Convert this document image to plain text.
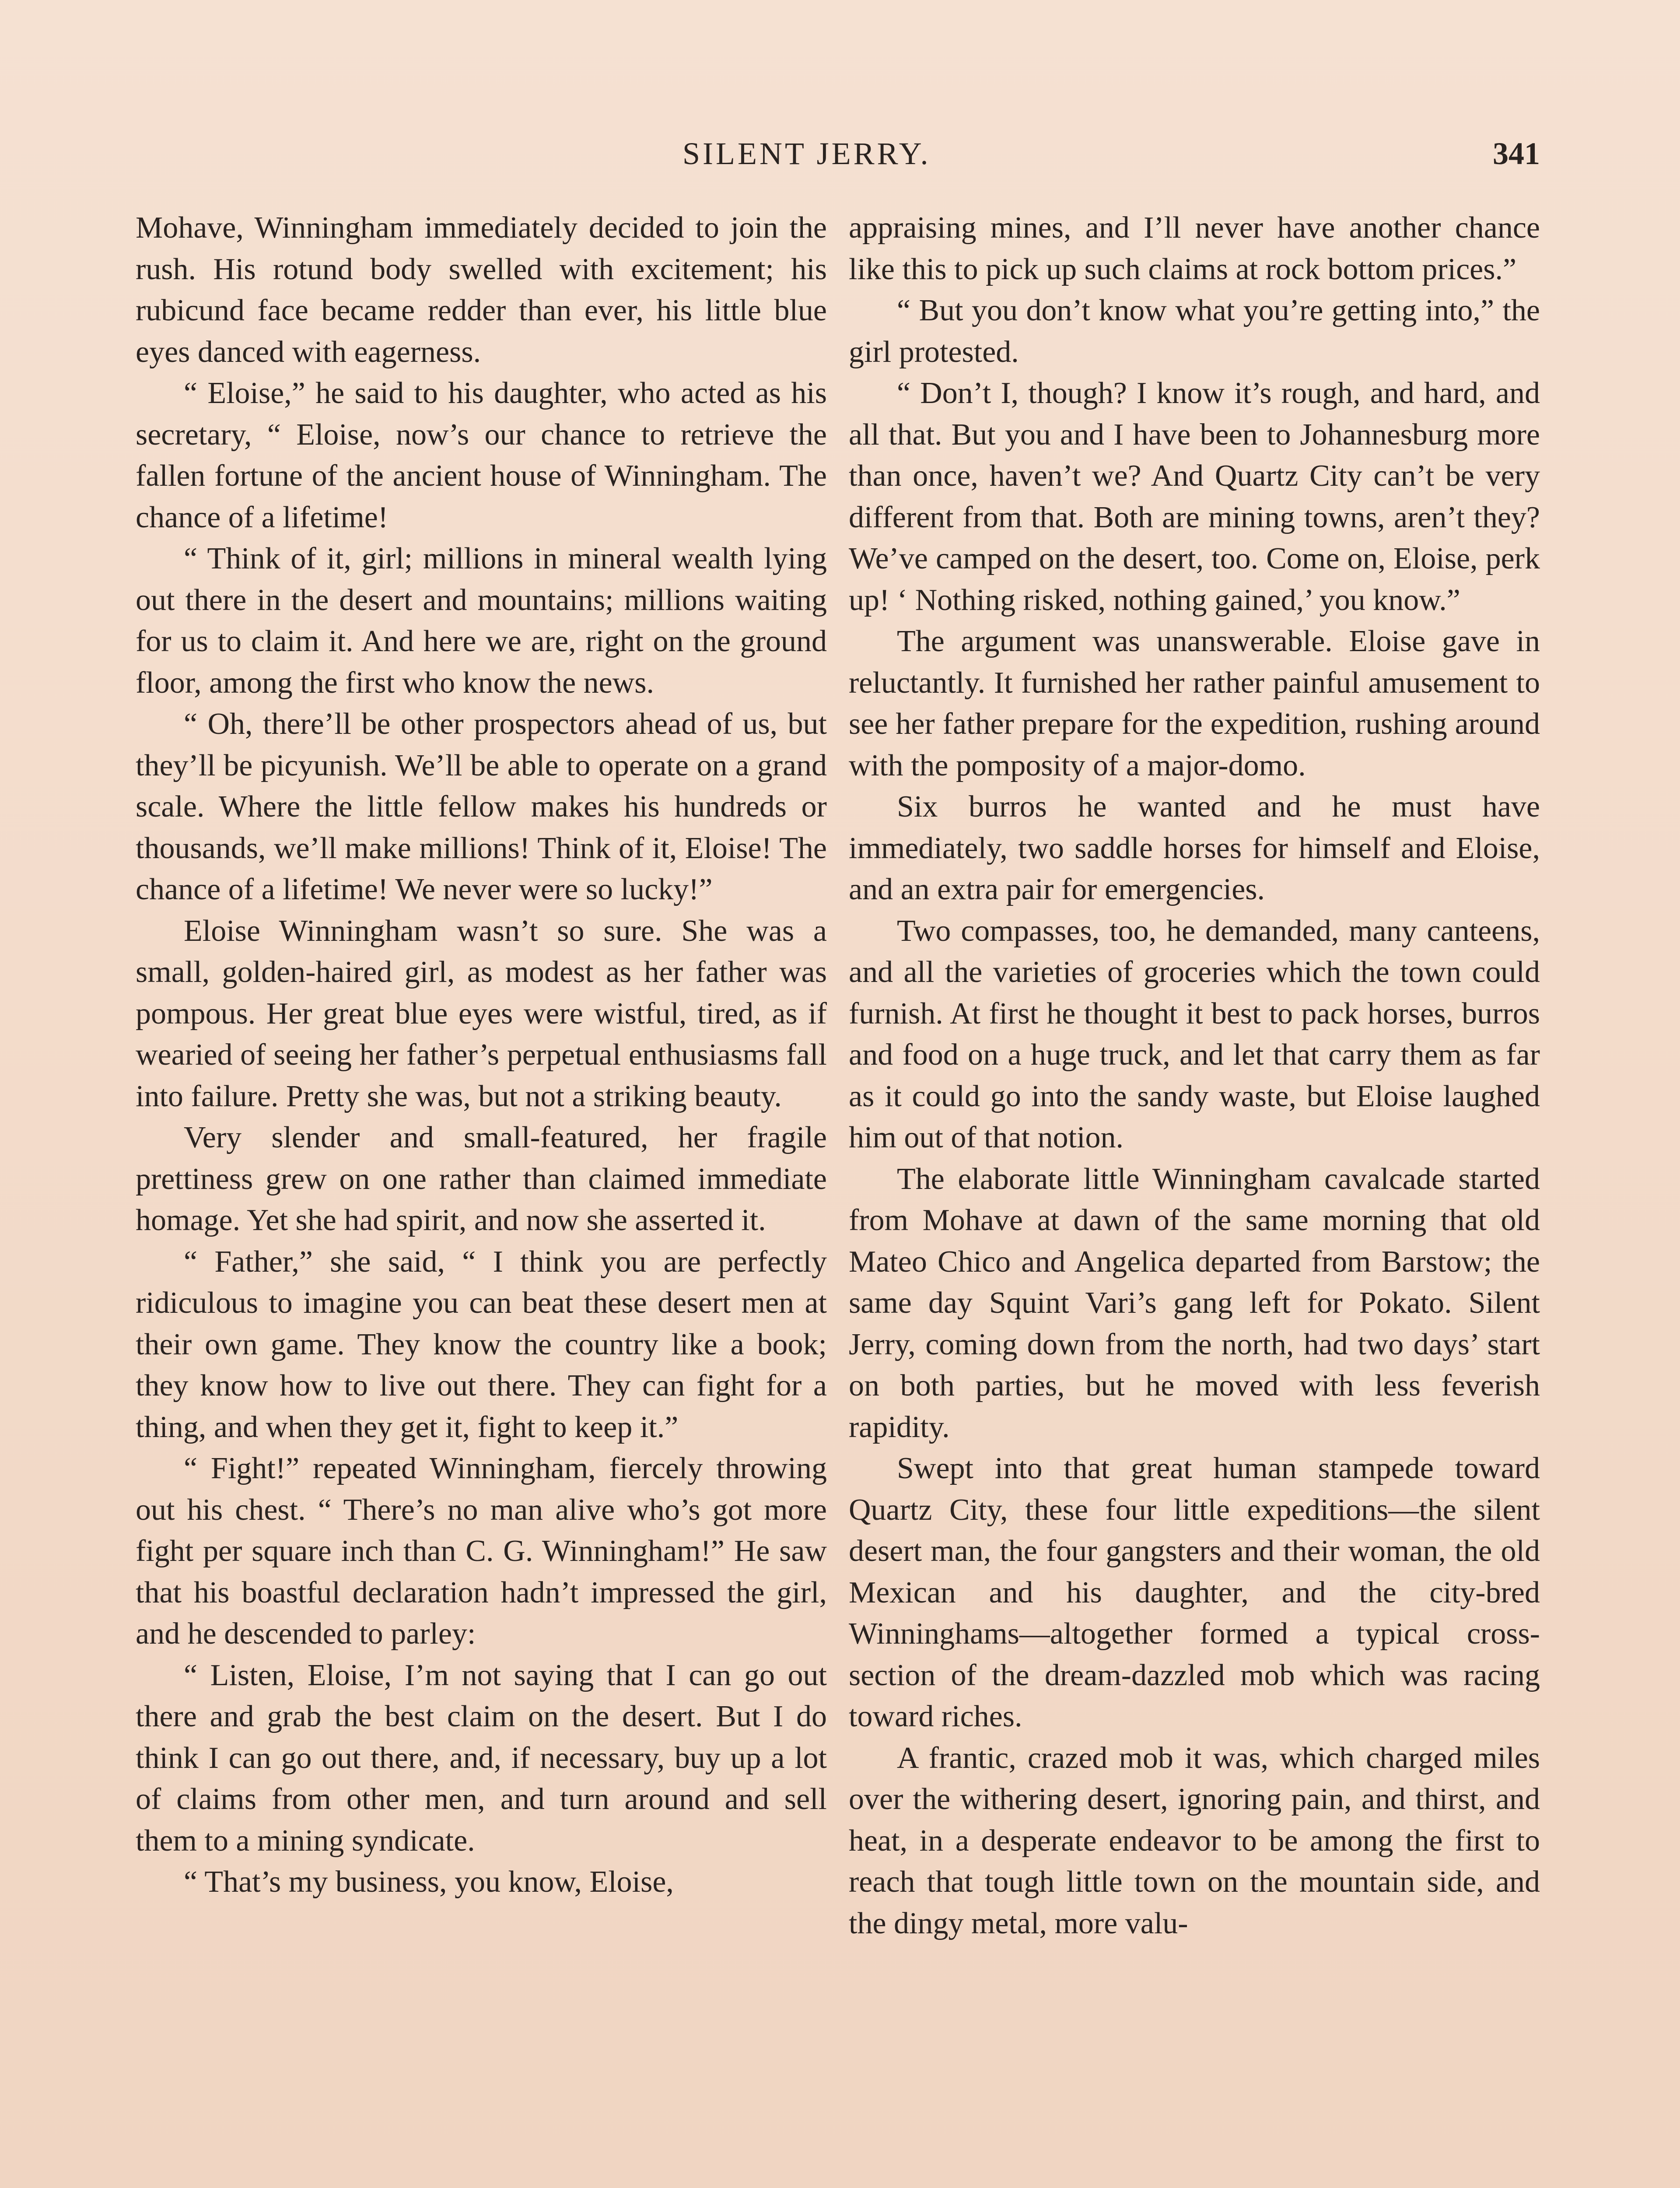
SILENT JERRY.	341

Mohave, Winningham immediately decided to join the rush. His rotund body swelled with excitement; his rubicund face became redder than ever, his little blue eyes danced with eagerness.

“ Eloise,” he said to his daughter, who acted as his secretary, “ Eloise, now’s our chance to retrieve the fallen fortune of the ancient house of Winningham. The chance of a lifetime!

“ Think of it, girl; millions in mineral wealth lying out there in the desert and mountains; millions waiting for us to claim it. And here we are, right on the ground floor, among the first who know the news.

“ Oh, there’ll be other prospectors ahead of us, but they’ll be picyunish. We’ll be able to operate on a grand scale. Where the little fellow makes his hundreds or thousands, we’ll make millions! Think of it, Eloise! The chance of a lifetime! We never were so lucky!”

Eloise Winningham wasn’t so sure. She was a small, golden-haired girl, as modest as her father was pompous. Her great blue eyes were wistful, tired, as if wearied of seeing her father’s perpetual enthusiasms fall into failure. Pretty she was, but not a striking beauty.

Very slender and small-featured, her fragile prettiness grew on one rather than claimed immediate homage. Yet she had spirit, and now she asserted it.

“ Father,” she said, “ I think you are perfectly ridiculous to imagine you can beat these desert men at their own game. They know the country like a book; they know how to live out there. They can fight for a thing, and when they get it, fight to keep it.”

“ Fight!” repeated Winningham, fiercely throwing out his chest. “ There’s no man alive who’s got more fight per square inch than C. G. Winningham!” He saw that his boastful declaration hadn’t impressed the girl, and he descended to parley:

“ Listen, Eloise, I’m not saying that I can go out there and grab the best claim on the desert. But I do think I can go out there, and, if necessary, buy up a lot of claims from other men, and turn around and sell them to a mining syndicate.

“ That’s my business, you know, Eloise,

appraising mines, and I’ll never have another chance like this to pick up such claims at rock bottom prices.”

“ But you don’t know what you’re getting into,” the girl protested.

“ Don’t I, though? I know it’s rough, and hard, and all that. But you and I have been to Johannesburg more than once, haven’t we? And Quartz City can’t be very different from that. Both are mining towns, aren’t they? We’ve camped on the desert, too. Come on, Eloise, perk up! ‘ Nothing risked, nothing gained,’ you know.”

The argument was unanswerable. Eloise gave in reluctantly. It furnished her rather painful amusement to see her father prepare for the expedition, rushing around with the pomposity of a major-domo.

Six burros he wanted and he must have immediately, two saddle horses for himself and Eloise, and an extra pair for emergencies.

Two compasses, too, he demanded, many canteens, and all the varieties of groceries which the town could furnish. At first he thought it best to pack horses, burros and food on a huge truck, and let that carry them as far as it could go into the sandy waste, but Eloise laughed him out of that notion.

The elaborate little Winningham cavalcade started from Mohave at dawn of the same morning that old Mateo Chico and Angelica departed from Barstow; the same day Squint Vari’s gang left for Pokato. Silent Jerry, coming down from the north, had two days’ start on both parties, but he moved with less feverish rapidity.

Swept into that great human stampede toward Quartz City, these four little expeditions—the silent desert man, the four gangsters and their woman, the old Mexican and his daughter, and the city-bred Winninghams—altogether formed a typical cross-section of the dream-dazzled mob which was racing toward riches.

A frantic, crazed mob it was, which charged miles over the withering desert, ignoring pain, and thirst, and heat, in a desperate endeavor to be among the first to reach that tough little town on the mountain side, and the dingy metal, more valu-
